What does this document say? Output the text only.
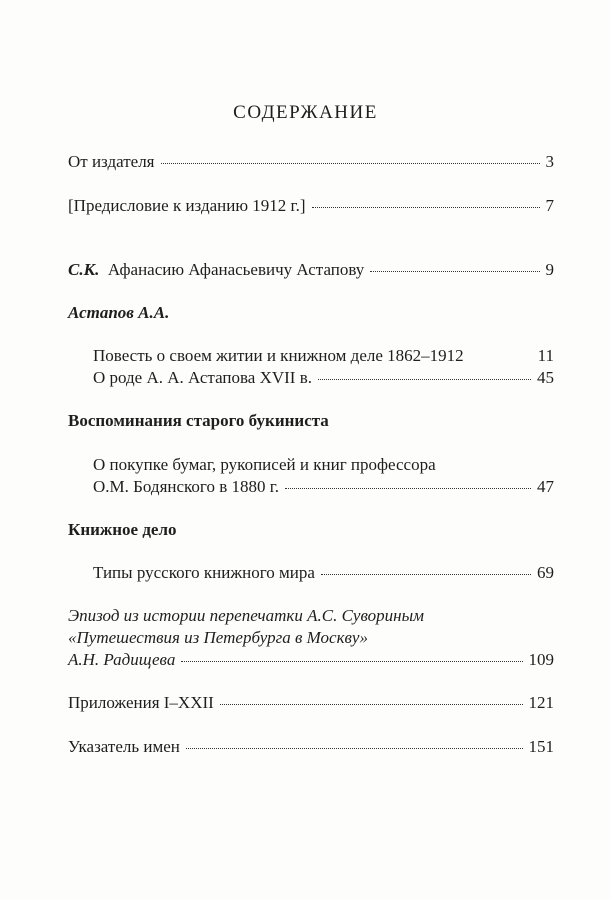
СОДЕРЖАНИЕ
От издателя	3
[Предисловие к изданию 1912 г.]	7
С.К. Афанасию Афанасьевичу Астапову	9
Астапов А.А.
Повесть о своем житии и книжном деле 1862–1912	11
О роде А. А. Астапова XVII в.	45
Воспоминания старого букиниста
О покупке бумаг, рукописей и книг профессора
О.М. Бодянского в 1880 г.	47
Книжное дело
Типы русского книжного мира	69
Эпизод из истории перепечатки А.С. Сувориным
«Путешествия из Петербурга в Москву»
А.Н. Радищева	109
Приложения I–XXII	121
Указатель имен	151
